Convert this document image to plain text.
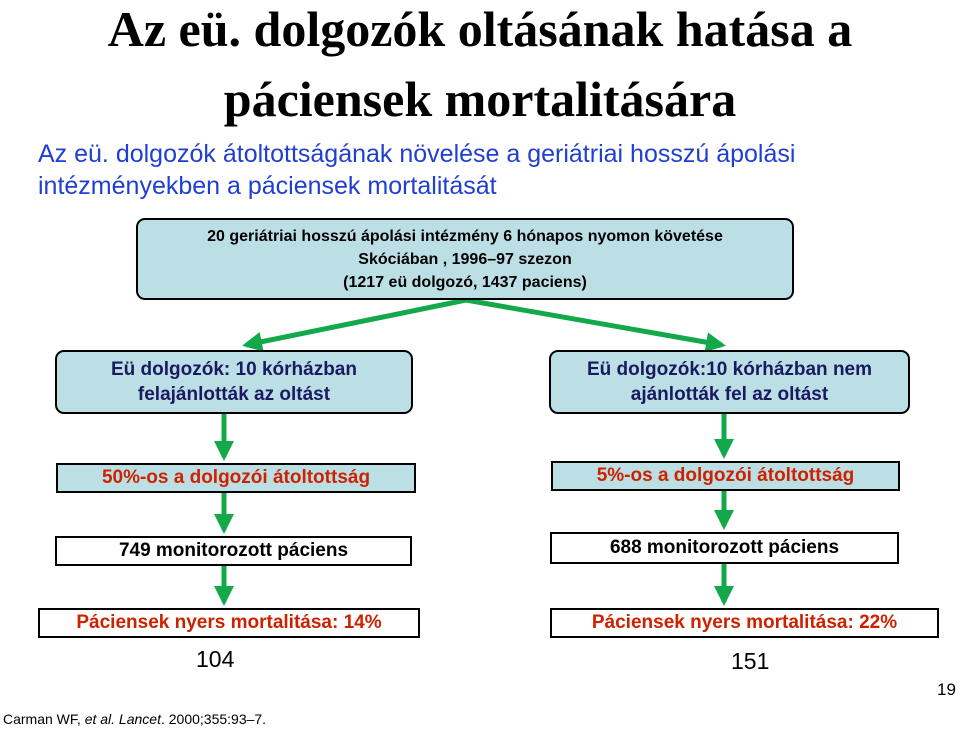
Az eü. dolgozók oltásának hatása a
páciensek mortalitására
Az eü. dolgozók átoltottságának növelése a geriátriai hosszú ápolási
intézményekben a páciensek mortalitását
20 geriátriai hosszú ápolási intézmény 6 hónapos nyomon követése
Skóciában , 1996–97 szezon
(1217 eü dolgozó, 1437 paciens)
Eü dolgozók: 10 kórházban
felajánlották az oltást
Eü dolgozók:10 kórházban nem
ajánlották fel az oltást
50%-os a dolgozói átoltottság	5%-os a dolgozói átoltottság
749 monitorozott páciens	688 monitorozott páciens
Páciensek nyers mortalitása: 14%	Páciensek nyers mortalitása: 22%
104	151
19
Carman WF, et al. Lancet. 2000;355:93–7.
